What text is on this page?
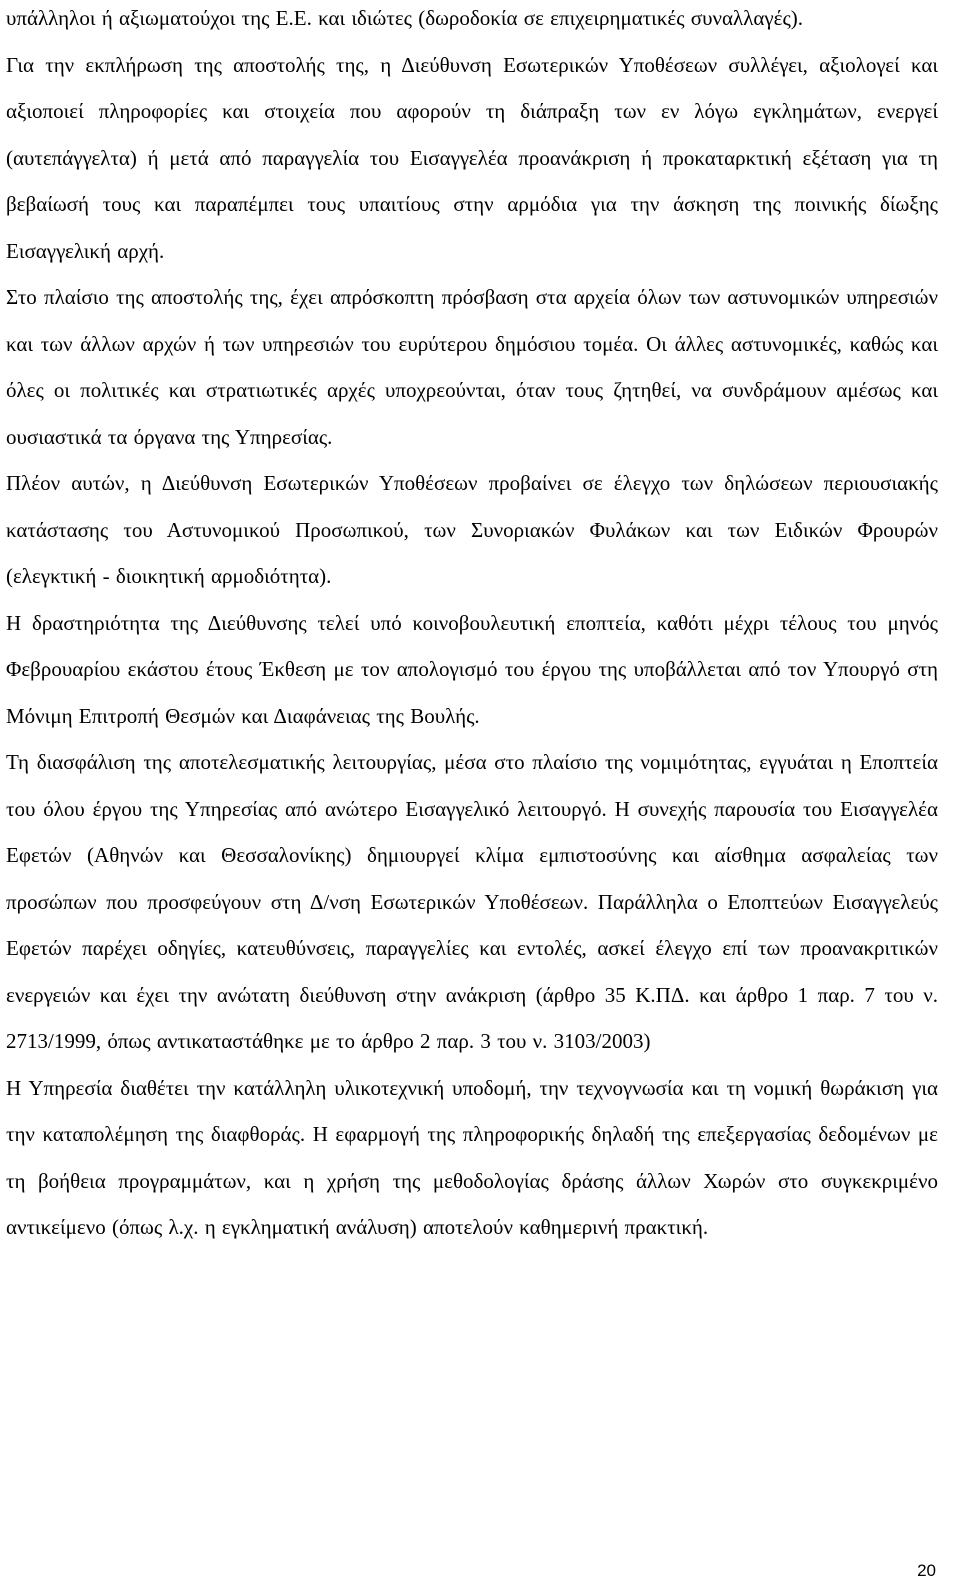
υπάλληλοι ή αξιωματούχοι της Ε.Ε. και ιδιώτες (δωροδοκία σε επιχειρηματικές συναλλαγές).

Για την εκπλήρωση της αποστολής της, η Διεύθυνση Εσωτερικών Υποθέσεων συλλέγει, αξιολογεί και αξιοποιεί πληροφορίες και στοιχεία που αφορούν τη διάπραξη των εν λόγω εγκλημάτων, ενεργεί (αυτεπάγγελτα) ή μετά από παραγγελία του Εισαγγελέα προανάκριση ή προκαταρκτική εξέταση για τη βεβαίωσή τους και παραπέμπει τους υπαιτίους στην αρμόδια για την άσκηση της ποινικής δίωξης Εισαγγελική αρχή.

Στο πλαίσιο της αποστολής της, έχει απρόσκοπτη πρόσβαση στα αρχεία όλων των αστυνομικών υπηρεσιών και των άλλων αρχών ή των υπηρεσιών του ευρύτερου δημόσιου τομέα. Οι άλλες αστυνομικές, καθώς και όλες οι πολιτικές και στρατιωτικές αρχές υποχρεούνται, όταν τους ζητηθεί, να συνδράμουν αμέσως και ουσιαστικά τα όργανα της Υπηρεσίας.

Πλέον αυτών, η Διεύθυνση Εσωτερικών Υποθέσεων προβαίνει σε έλεγχο των δηλώσεων περιουσιακής κατάστασης του Αστυνομικού Προσωπικού, των Συνοριακών Φυλάκων και των Ειδικών Φρουρών (ελεγκτική - διοικητική αρμοδιότητα).

Η δραστηριότητα της Διεύθυνσης τελεί υπό κοινοβουλευτική εποπτεία, καθότι μέχρι τέλους του μηνός Φεβρουαρίου εκάστου έτους Έκθεση με τον απολογισμό του έργου της υποβάλλεται από τον Υπουργό στη Μόνιμη Επιτροπή Θεσμών και Διαφάνειας της Βουλής.

Τη διασφάλιση της αποτελεσματικής λειτουργίας, μέσα στο πλαίσιο της νομιμότητας, εγγυάται η Εποπτεία του όλου έργου της Υπηρεσίας από ανώτερο Εισαγγελικό λειτουργό. Η συνεχής παρουσία του Εισαγγελέα Εφετών (Αθηνών και Θεσσαλονίκης) δημιουργεί κλίμα εμπιστοσύνης και αίσθημα ασφαλείας των προσώπων που προσφεύγουν στη Δ/νση Εσωτερικών Υποθέσεων. Παράλληλα ο Εποπτεύων Εισαγγελεύς Εφετών παρέχει οδηγίες, κατευθύνσεις, παραγγελίες και εντολές, ασκεί έλεγχο επί των προανακριτικών ενεργειών και έχει την ανώτατη διεύθυνση στην ανάκριση (άρθρο 35 Κ.ΠΔ. και άρθρο 1 παρ. 7 του ν. 2713/1999, όπως αντικαταστάθηκε με το άρθρο 2 παρ. 3 του ν. 3103/2003)

Η Υπηρεσία διαθέτει την κατάλληλη υλικοτεχνική υποδομή, την τεχνογνωσία και τη νομική θωράκιση για την καταπολέμηση της διαφθοράς. Η εφαρμογή της πληροφορικής δηλαδή της επεξεργασίας δεδομένων με τη βοήθεια προγραμμάτων, και η χρήση της μεθοδολογίας δράσης άλλων Χωρών στο συγκεκριμένο αντικείμενο (όπως λ.χ. η εγκληματική ανάλυση) αποτελούν καθημερινή πρακτική.

20
